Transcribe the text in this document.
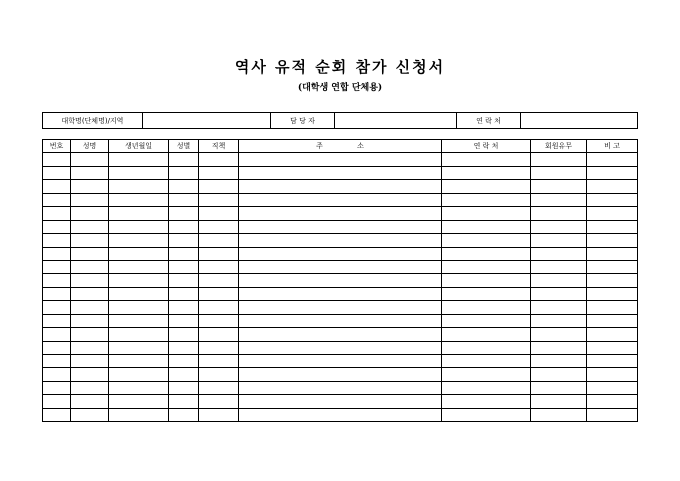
역사 유적 순회 참가 신청서
(대학생 연합 단체용)
대학명(단체명)/지역		담 당 자		연 락 처	
번호	성명	생년월일	성별	직책	주 소	연 락 처	회원유무	비 고
